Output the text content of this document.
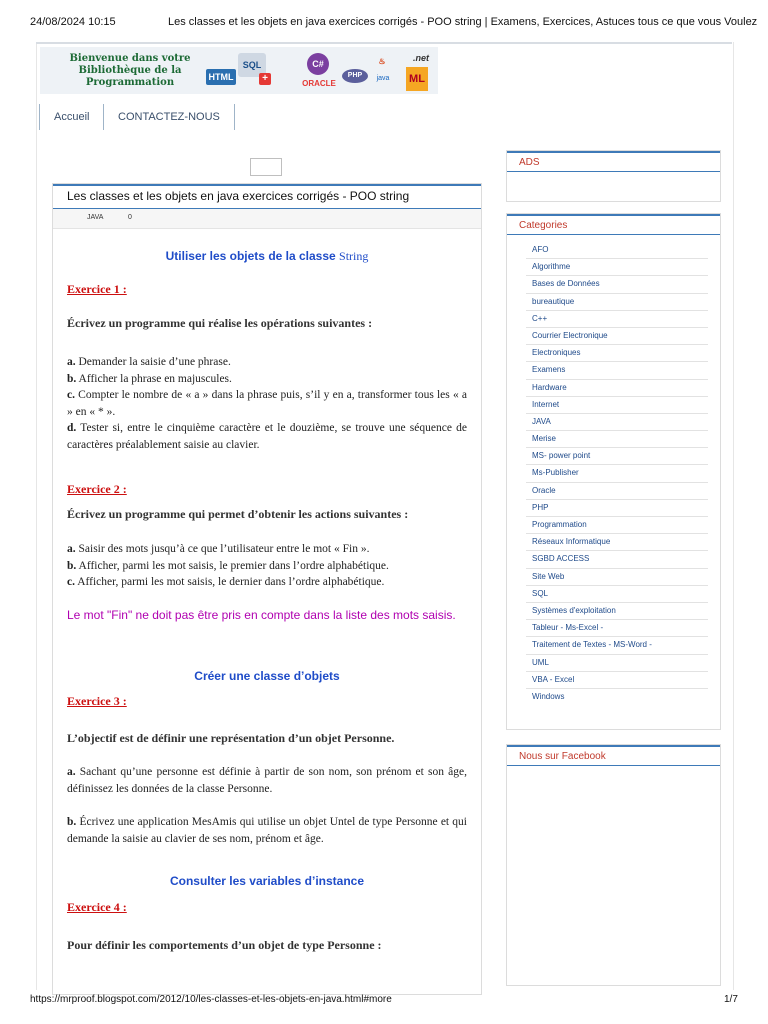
24/08/2024 10:15	Les classes et les objets en java exercices corrigés - POO string | Examens, Exercices, Astuces tous ce que vous Voulez
Bienvenue dans votre Bibliothèque de la Programmation	HTML
SQL
+
C#
ORACLE
PHP
♨
java
.net
ML
Accueil	CONTACTEZ-NOUS
Les classes et les objets en java exercices corrigés - POO string
JAVA	0
Utiliser les objets de la classe String
Exercice 1 :
Écrivez un programme qui réalise les opérations suivantes :
a. Demander la saisie d’une phrase.
b. Afficher la phrase en majuscules.
c. Compter le nombre de « a » dans la phrase puis, s’il y en a, transformer tous les « a » en « * ».
d. Tester si, entre le cinquième caractère et le douzième, se trouve une séquence de caractères préalablement saisie au clavier.
Exercice 2 :
Écrivez un programme qui permet d’obtenir les actions suivantes :
a. Saisir des mots jusqu’à ce que l’utilisateur entre le mot « Fin ».
b. Afficher, parmi les mot saisis, le premier dans l’ordre alphabétique.
c. Afficher, parmi les mot saisis, le dernier dans l’ordre alphabétique.
Le mot "Fin" ne doit pas être pris en compte dans la liste des mots saisis.
Créer une classe d’objets
Exercice 3 :
L’objectif est de définir une représentation d’un objet Personne.
a. Sachant qu’une personne est définie à partir de son nom, son prénom et son âge, définissez les données de la classe Personne.
b. Écrivez une application MesAmis qui utilise un objet Untel de type Personne et qui demande la saisie au clavier de ses nom, prénom et âge.
Consulter les variables d’instance
Exercice 4 :
Pour définir les comportements d’un objet de type Personne :
ADS
Categories
AFO
Algorithme
Bases de Données
bureautique
C++
Courrier Electronique
Electroniques
Examens
Hardware
Internet
JAVA
Merise
MS- power point
Ms-Publisher
Oracle
PHP
Programmation
Réseaux Informatique
SGBD ACCESS
Site Web
SQL
Systèmes d'exploitation
Tableur - Ms-Excel -
Traitement de Textes - MS-Word -
UML
VBA - Excel
Windows
Nous sur Facebook
https://mrproof.blogspot.com/2012/10/les-classes-et-les-objets-en-java.html#more	1/7
